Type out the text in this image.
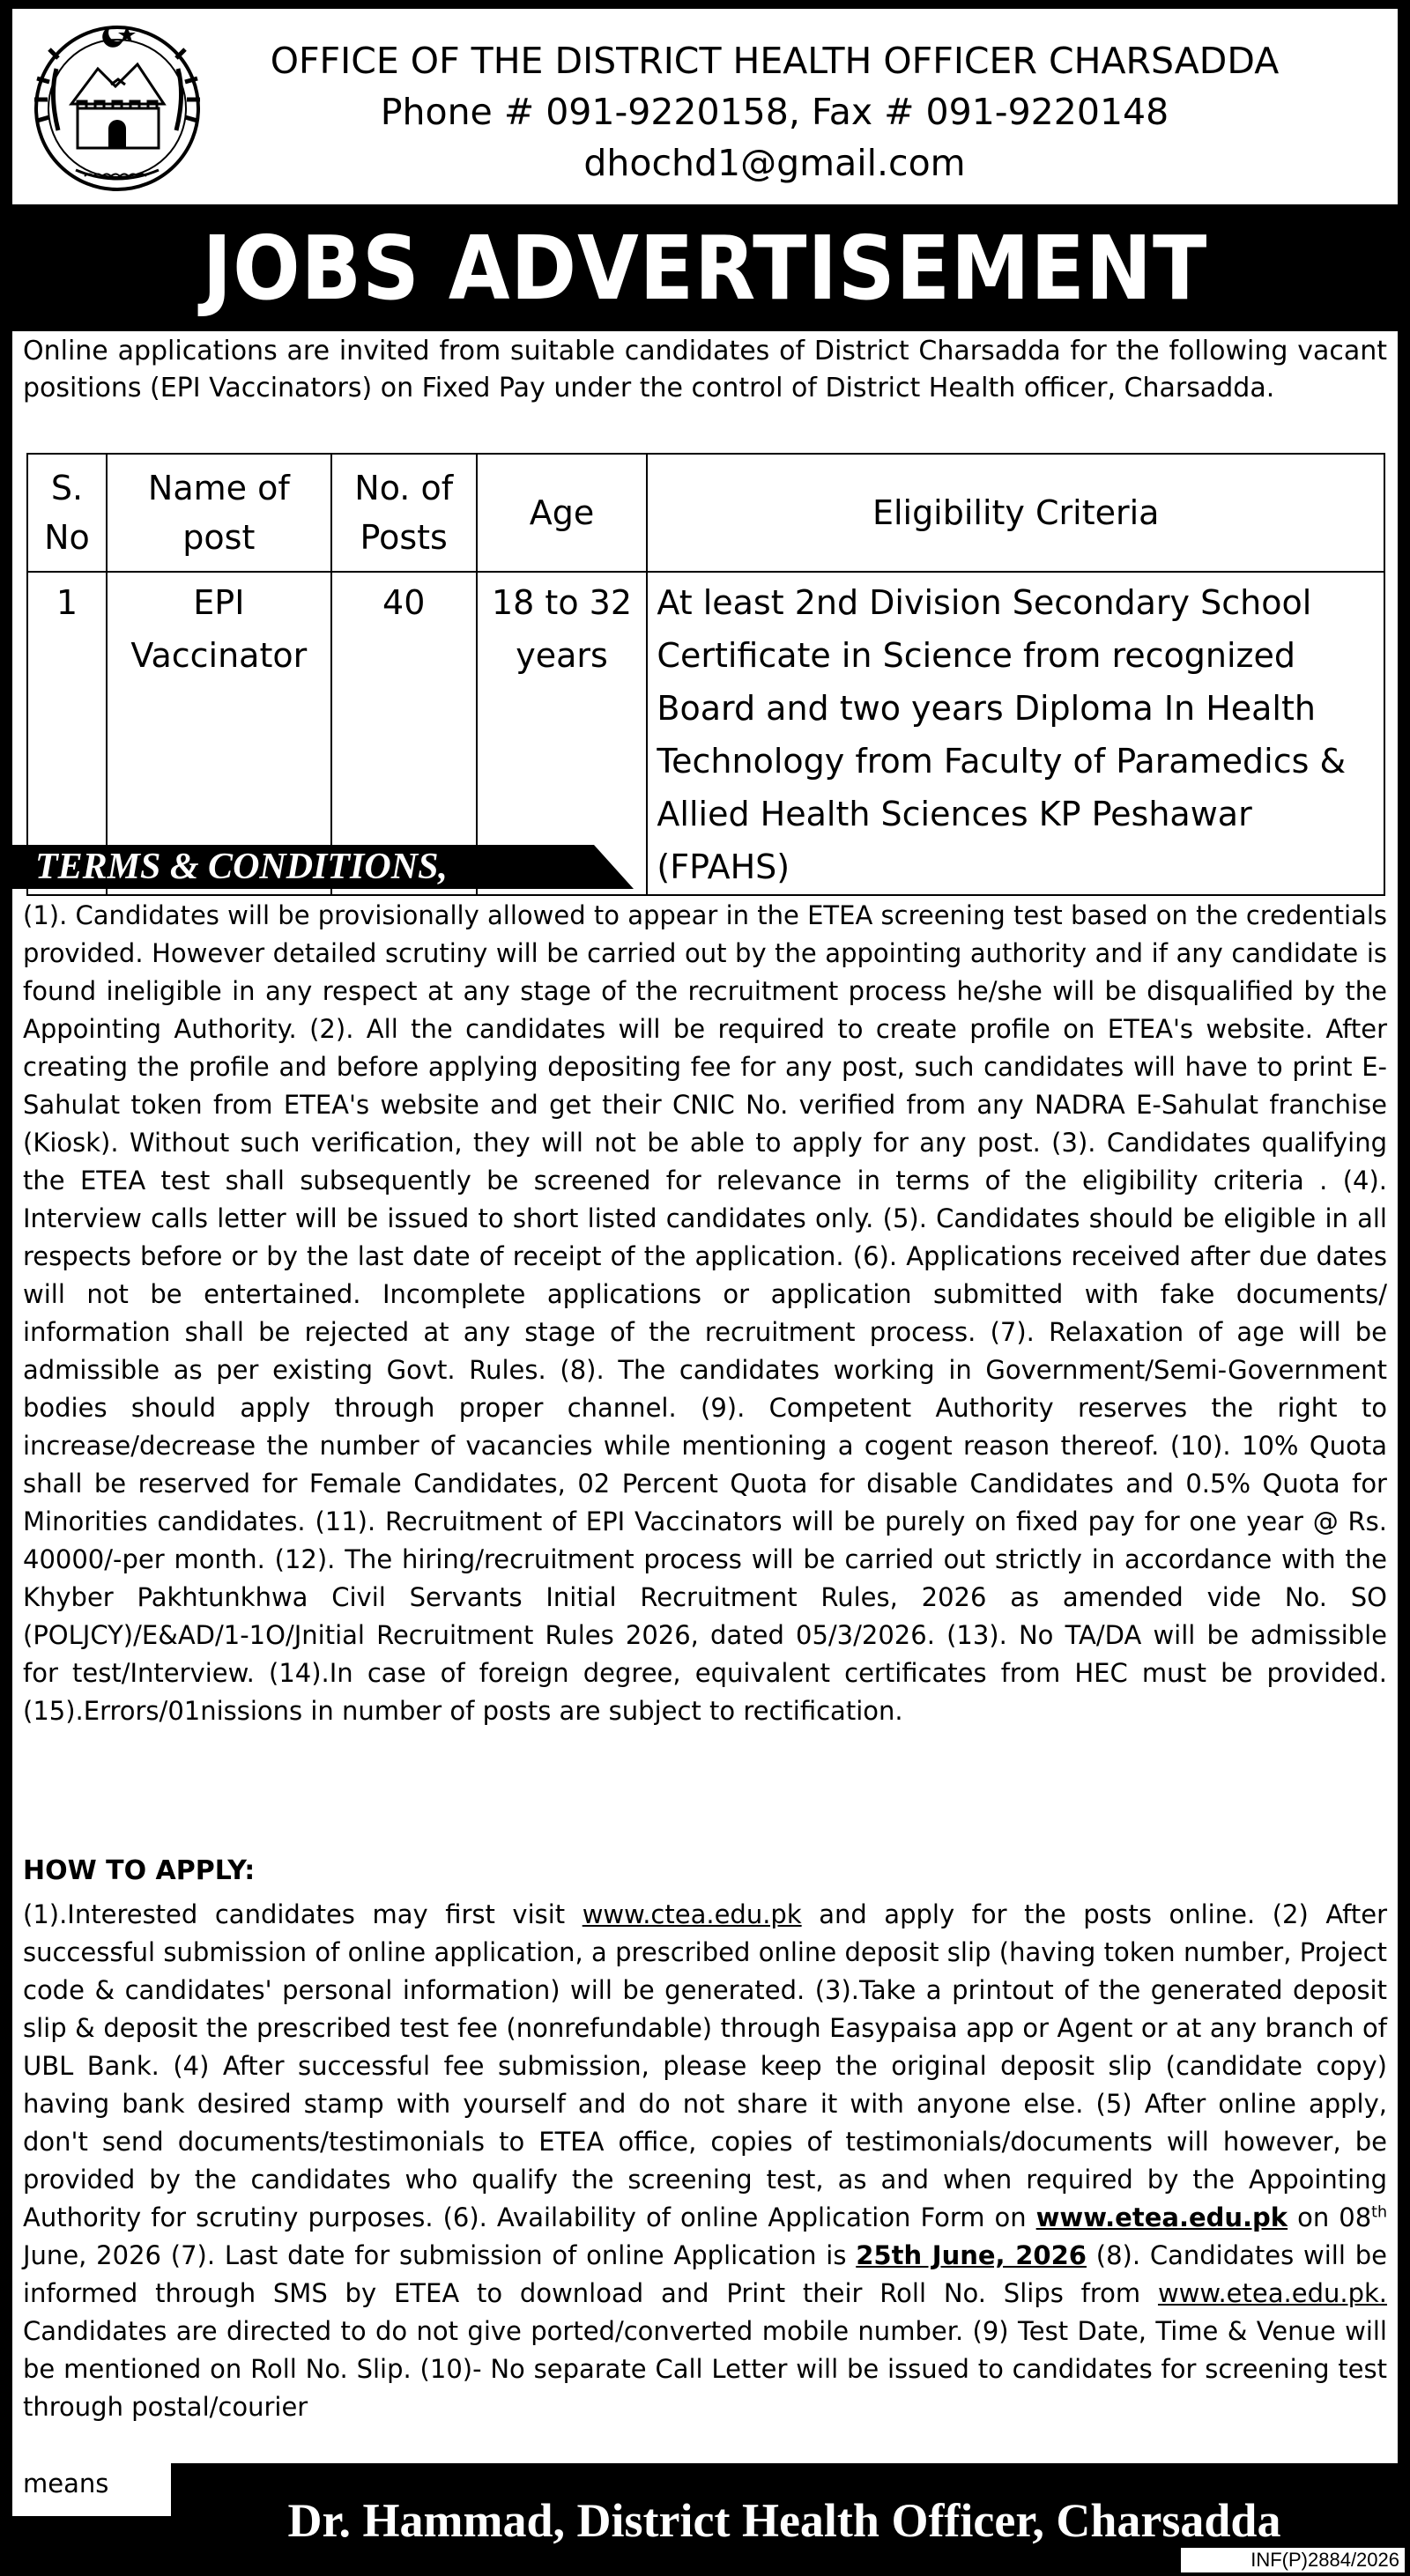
OFFICE OF THE DISTRICT HEALTH OFFICER CHARSADDA
Phone # 091-9220158, Fax # 091-9220148
dhochd1@gmail.com
JOBS ADVERTISEMENT

Online applications are invited from suitable candidates of District Charsadda for the following vacant positions (EPI Vaccinators) on Fixed Pay under the control of District Health officer, Charsadda.

S. No	Name of post	No. of Posts	Age	Eligibility Criteria
1	EPI Vaccinator	40	18 to 32 years	At least 2nd Division Secondary School Certificate in Science from recognized Board and two years Diploma In Health Technology from Faculty of Paramedics & Allied Health Sciences KP Peshawar (FPAHS)
TERMS & CONDITIONS,

(1). Candidates will be provisionally allowed to appear in the ETEA screening test based on the credentials provided. However detailed scrutiny will be carried out by the appointing authority and if any candidate is found ineligible in any respect at any stage of the recruitment process he/she will be disqualified by the Appointing Authority. (2). All the candidates will be required to create profile on ETEA's website. After creating the profile and before applying depositing fee for any post, such candidates will have to print E-Sahulat token from ETEA's website and get their CNIC No. verified from any NADRA E-Sahulat franchise (Kiosk). Without such verification, they will not be able to apply for any post. (3). Candidates qualifying the ETEA test shall subsequently be screened for relevance in terms of the eligibility criteria . (4). Interview calls letter will be issued to short listed candidates only. (5). Candidates should be eligible in all respects before or by the last date of receipt of the application. (6). Applications received after due dates will not be entertained. Incomplete applications or application submitted with fake documents/ information shall be rejected at any stage of the recruitment process. (7). Relaxation of age will be admissible as per existing Govt. Rules. (8). The candidates working in Government/Semi-Government bodies should apply through proper channel. (9). Competent Authority reserves the right to increase/decrease the number of vacancies while mentioning a cogent reason thereof. (10). 10% Quota shall be reserved for Female Candidates, 02 Percent Quota for disable Candidates and 0.5% Quota for Minorities candidates. (11). Recruitment of EPI Vaccinators will be purely on fixed pay for one year @ Rs. 40000/-per month. (12). The hiring/recruitment process will be carried out strictly in accordance with the Khyber Pakhtunkhwa Civil Servants Initial Recruitment Rules, 2026 as amended vide No. SO (POLJCY)/E&AD/1-1O/Jnitial Recruitment Rules 2026, dated 05/3/2026. (13). No TA/DA will be admissible for test/Interview. (14).In case of foreign degree, equivalent certificates from HEC must be provided. (15).Errors/01nissions in number of posts are subject to rectification.

HOW TO APPLY:

(1).Interested candidates may first visit www.ctea.edu.pk and apply for the posts online. (2) After successful submission of online application, a prescribed online deposit slip (having token number, Project code & candidates' personal information) will be generated. (3).Take a printout of the generated deposit slip & deposit the prescribed test fee (nonrefundable) through Easypaisa app or Agent or at any branch of UBL Bank. (4) After successful fee submission, please keep the original deposit slip (candidate copy) having bank desired stamp with yourself and do not share it with anyone else. (5) After online apply, don't send documents/testimonials to ETEA office, copies of testimonials/documents will however, be provided by the candidates who qualify the screening test, as and when required by the Appointing Authority for scrutiny purposes. (6). Availability of online Application Form on www.etea.edu.pk on 08th June, 2026 (7). Last date for submission of online Application is 25th June, 2026 (8). Candidates will be informed through SMS by ETEA to download and Print their Roll No. Slips from www.etea.edu.pk. Candidates are directed to do not give ported/converted mobile number. (9) Test Date, Time & Venue will be mentioned on Roll No. Slip. (10)- No separate Call Letter will be issued to candidates for screening test through postal/courier

means
Dr. Hammad, District Health Officer, Charsadda
INF(P)2884/2026
